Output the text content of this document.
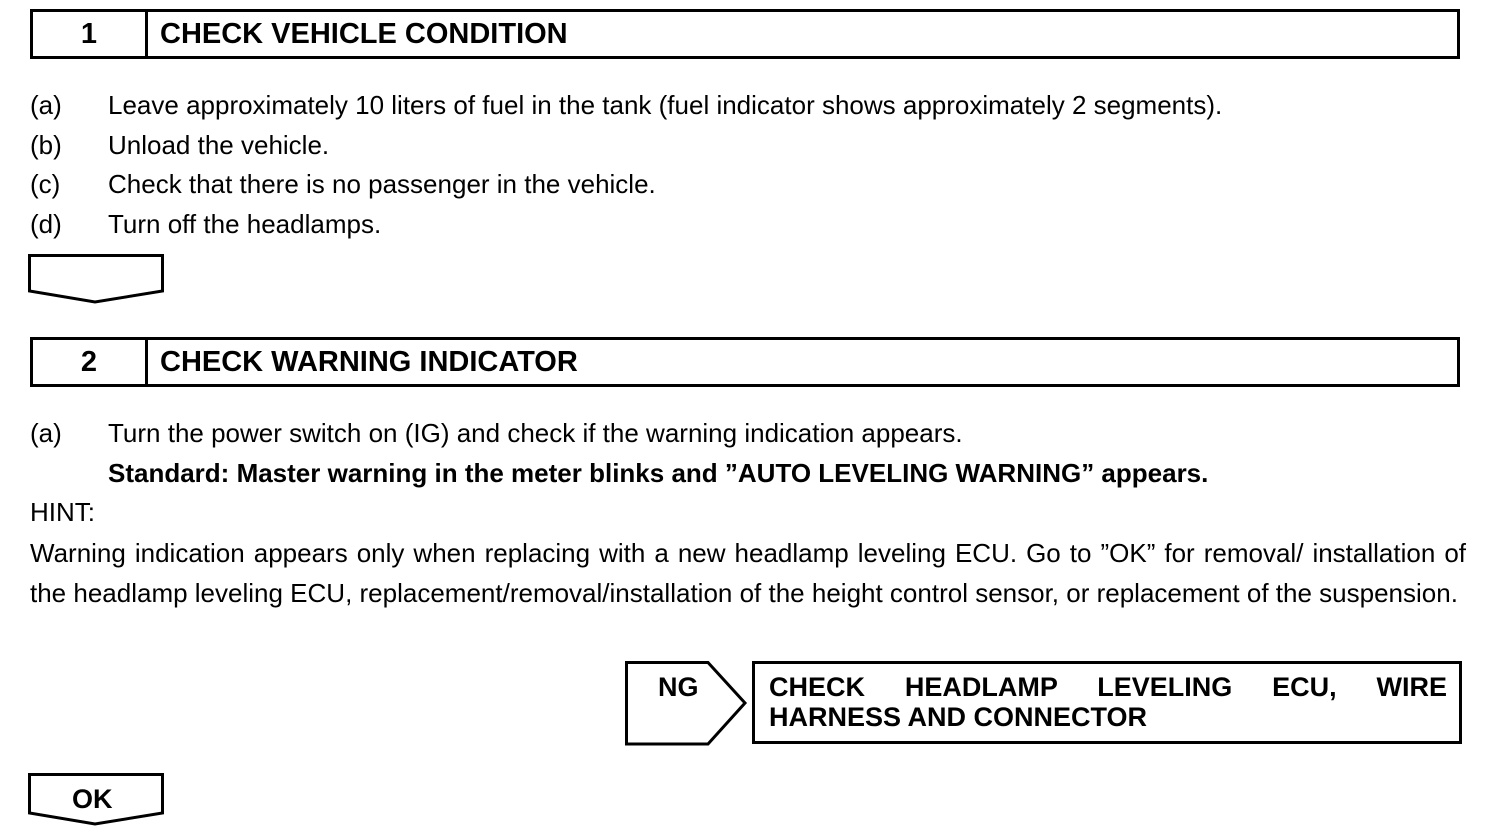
1	CHECK VEHICLE CONDITION
(a) Leave approximately 10 liters of fuel in the tank (fuel indicator shows approximately 2 segments).
(b) Unload the vehicle.
(c) Check that there is no passenger in the vehicle.
(d) Turn off the headlamps.
2	CHECK WARNING INDICATOR
(a) Turn the power switch on (IG) and check if the warning indication appears.
Standard: Master warning in the meter blinks and ”AUTO LEVELING WARNING” appears.
HINT:
Warning indication appears only when replacing with a new headlamp leveling ECU. Go to ”OK” for removal/ installation of the headlamp leveling ECU, replacement/removal/installation of the height control sensor, or replacement of the suspension.
NG	CHECK HEADLAMP LEVELING ECU, WIRE HARNESS AND CONNECTOR
OK
